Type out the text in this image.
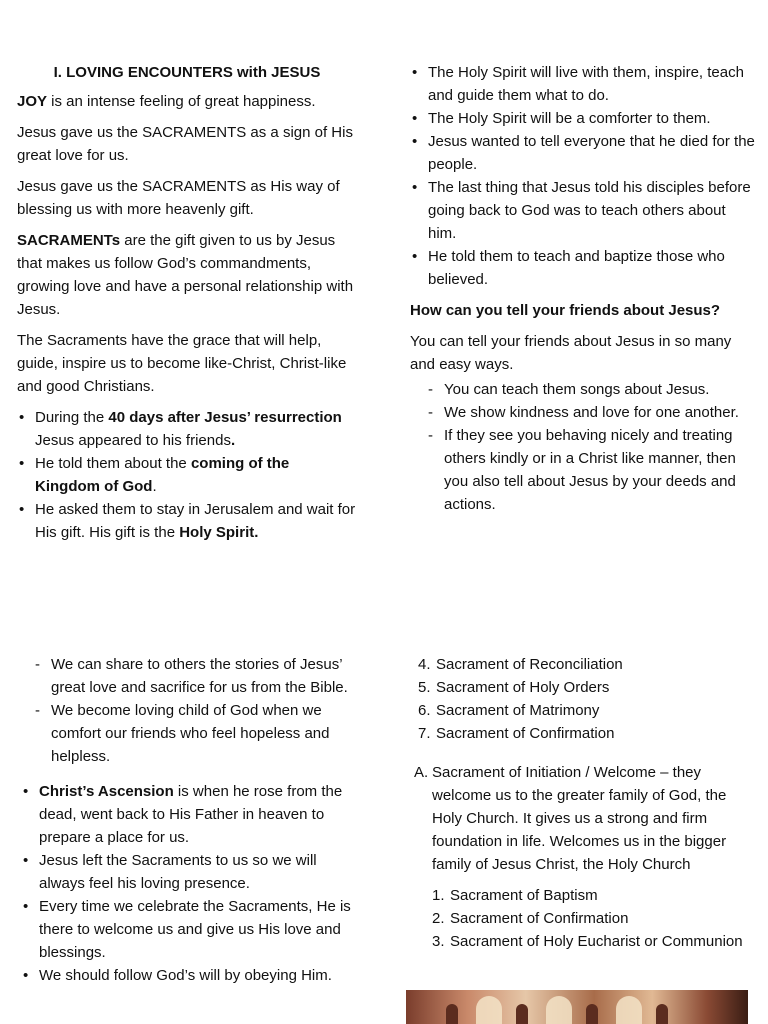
I. LOVING ENCOUNTERS with JESUS

JOY is an intense feeling of great happiness.

Jesus gave us the SACRAMENTS as a sign of His great love for us.

Jesus gave us the SACRAMENTS as His way of blessing us with more heavenly gift.

SACRAMENTs are the gift given to us by Jesus that makes us follow God’s commandments, growing love and have a personal relationship with Jesus.

The Sacraments have the grace that will help, guide, inspire us to become like-Christ, Christ-like and good Christians.

• During the 40 days after Jesus’ resurrection Jesus appeared to his friends.
• He told them about the coming of the Kingdom of God.
• He asked them to stay in Jerusalem and wait for His gift. His gift is the Holy Spirit.
• The Holy Spirit will live with them, inspire, teach and guide them what to do.
• The Holy Spirit will be a comforter to them.
• Jesus wanted to tell everyone that he died for the people.
• The last thing that Jesus told his disciples before going back to God was to teach others about him.
• He told them to teach and baptize those who believed.

How can you tell your friends about Jesus?

You can tell your friends about Jesus in so many and easy ways.

- You can teach them songs about Jesus.
- We show kindness and love for one another.
- If they see you behaving nicely and treating others kindly or in a Christ like manner, then you also tell about Jesus by your deeds and actions.
- We can share to others the stories of Jesus’ great love and sacrifice for us from the Bible.
- We become loving child of God when we comfort our friends who feel hopeless and helpless.
• Christ’s Ascension is when he rose from the dead, went back to His Father in heaven to prepare a place for us.
• Jesus left the Sacraments to us so we will always feel his loving presence.
• Every time we celebrate the Sacraments, He is there to welcome us and give us His love and blessings.
• We should follow God’s will by obeying Him.
4. Sacrament of Reconciliation
5. Sacrament of Holy Orders
6. Sacrament of Matrimony
7. Sacrament of Confirmation
A. Sacrament of Initiation / Welcome – they welcome us to the greater family of God, the Holy Church. It gives us a strong and firm foundation in life. Welcomes us in the bigger family of Jesus Christ, the Holy Church
1. Sacrament of Baptism
2. Sacrament of Confirmation
3. Sacrament of Holy Eucharist or Communion
